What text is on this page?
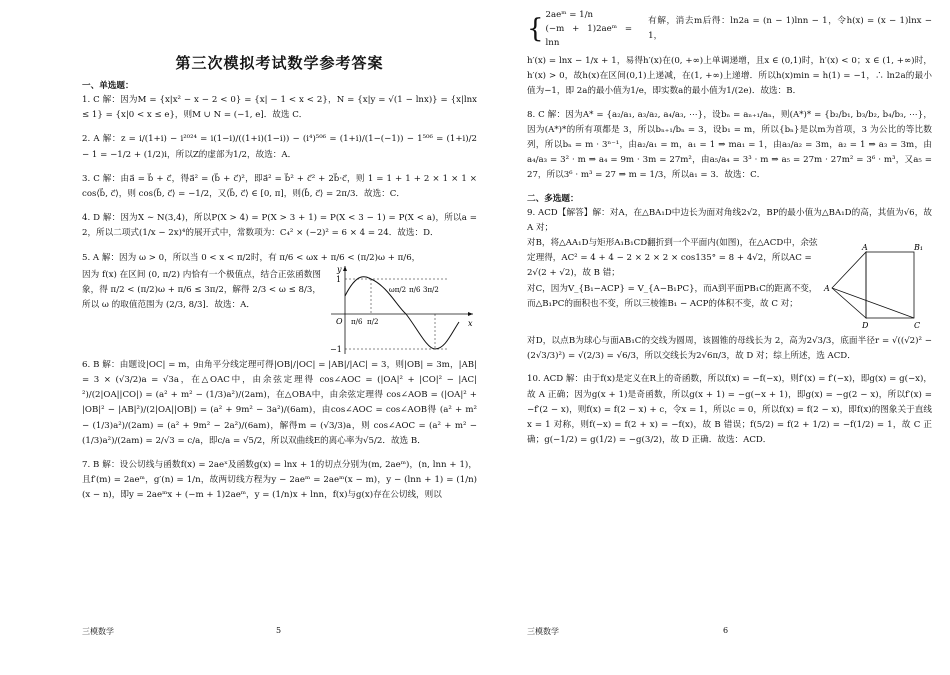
第三次模拟考试数学参考答案
一、单选题：
1. C 解：因为M = {x|x² − x − 2 < 0} = {x| − 1 < x < 2}，N = {x|y = √(1 − lnx)} = {x|lnx ≤ 1} = {x|0 < x ≤ e}，则M ∪ N = (−1, e]．故选 C．
2. A 解：z = i/(1+i) − i²⁰²⁴ = i(1−i)/((1+i)(1−i)) − (i⁴)⁵⁰⁶ = (1+i)/(1−(−1)) − 1⁵⁰⁶ = (1+i)/2 − 1 = −1/2 + (1/2)i，所以Z的虚部为1/2，故选：A．
3. C 解：由a⃗ = b⃗ + c⃗，得a⃗² = (b⃗ + c⃗)²，即a⃗² = b⃗² + c⃗² + 2b⃗·c⃗，则 1 = 1 + 1 + 2 × 1 × 1 × cos⟨b⃗, c⃗⟩，则 cos⟨b⃗, c⃗⟩ = −1/2，又⟨b⃗, c⃗⟩ ∈ [0, π]，则⟨b⃗, c⃗⟩ = 2π/3．故选：C．
4. D 解：因为X ∼ N(3,4)，所以P(X > 4) = P(X > 3 + 1) = P(X < 3 − 1) = P(X < a)，所以a = 2，所以二项式(1/x − 2x)⁴的展开式中，常数项为：C₄² × (−2)² = 6 × 4 = 24．故选：D．
5. A 解：因为 ω > 0，所以当 0 < x < π/2时，有 π/6 < ωx + π/6 < (π/2)ω + π/6，
因为 f(x) 在区间 (0, π/2) 内恰有一个极值点，结合正弦函数图象，得 π/2 < (π/2)ω + π/6 ≤ 3π/2，解得 2/3 < ω ≤ 8/3，所以 ω 的取值范围为 (2/3, 8/3]．故选：A．
y
x
O
1
−1
π/6 π/2
ωπ/2 π/6 3π/2
6. B 解：由题设|OC| = m，由角平分线定理可得|OB|/|OC| = |AB|/|AC| = 3，则|OB| = 3m，|AB| = 3 × (√3/2)a = √3a，在△OAC中，由余弦定理得 cos∠AOC = (|OA|² + |CO|² − |AC|²)/(2|OA||CO|) = (a² + m² − (1/3)a²)/(2am)，在△OBA中，由余弦定理得 cos∠AOB = (|OA|² + |OB|² − |AB|²)/(2|OA||OB|) = (a² + 9m² − 3a²)/(6am)，由cos∠AOC = cos∠AOB得 (a² + m² − (1/3)a²)/(2am) = (a² + 9m² − 2a²)/(6am)，解得m = (√3/3)a，则 cos∠AOC = (a² + m² − (1/3)a²)/(2am) = 2/√3 = c/a，即c/a = √5/2，所以双曲线E的离心率为√5/2．故选 B．
7. B 解：设公切线与函数f(x) = 2aeˣ及函数g(x) = lnx + 1的切点分别为(m, 2aeᵐ)，(n, lnn + 1)，且f′(m) = 2aeᵐ，g′(n) = 1/n，故两切线方程为y − 2aeᵐ = 2aeᵐ(x − m)，y − (lnn + 1) = (1/n)(x − n)，即y = 2aeᵐx + (−m + 1)2aeᵐ，y = (1/n)x + lnn，f(x)与g(x)存在公切线，则以
三模数学	5
{ 2aeᵐ = 1/n
(−m + 1)2aeᵐ = lnn
有解，消去m后得：ln2a = (n − 1)lnn − 1，令h(x) = (x − 1)lnx − 1，
h′(x) = lnx − 1/x + 1，易得h′(x)在(0, +∞)上单调递增，且x ∈ (0,1)时，h′(x) < 0；x ∈ (1, +∞)时，h′(x) > 0，故h(x)在区间(0,1)上递减，在(1, +∞)上递增．所以h(x)min = h(1) = −1，∴ ln2a的最小值为−1，即 2a的最小值为1/e，即实数a的最小值为1/(2e)．故选：B．
8. C 解：因为A* = {a₂/a₁, a₃/a₂, a₄/a₃, ⋯}，设bₙ = aₙ₊₁/aₙ，则(A*)* = {b₂/b₁, b₃/b₂, b₄/b₃, ⋯}，因为(A*)*的所有项都是 3，所以bₙ₊₁/bₙ = 3，设b₁ = m，所以{bₙ}是以m为首项，3 为公比的等比数列，所以bₙ = m · 3ⁿ⁻¹，由a₂/a₁ = m，a₁ = 1 ⇒ ma₁ = 1，由a₃/a₂ = 3m，a₂ = 1 ⇒ a₃ = 3m，由a₄/a₃ = 3² · m ⇒ a₄ = 9m · 3m = 27m²，由a₅/a₄ = 3³ · m ⇒ a₅ = 27m · 27m² = 3⁶ · m³，又a₅ = 27，所以3⁶ · m³ = 27 ⇒ m = 1/3，所以a₁ = 3．故选：C．
二、多选题：
9. ACD【解答】解：对A，在△BA₁D中边长为面对角线2√2，BP的最小值为△BA₁D的高，其值为√6，故 A 对；
对B，将△AA₁D与矩形A₁B₁CD翻折到一个平面内(如图)，在△ACD中，余弦定理得，AC² = 4 + 4 − 2 × 2 × 2 × cos135° = 8 + 4√2，所以AC = 2√(2 + √2)，故 B 错；
对C，因为V_{B₁−ACP} = V_{A−B₁PC}，而A到平面PB₁C的距离不变，而△B₁PC的面积也不变，所以三棱锥B₁ − ACP的体积不变，故 C 对；
A
A	B₁
D	C
对D，以点B为球心与面AB₁C的交线为圆周，该圆锥的母线长为 2，高为2√3/3，底面半径r = √((√2)² − (2√3/3)²) = √(2/3) = √6/3，所以交线长为2√6π/3，故 D 对；综上所述，选 ACD．
10. ACD 解：由于f(x)是定义在R上的奇函数，所以f(x) = −f(−x)，则f′(x) = f′(−x)，即g(x) = g(−x)，故 A 正确；因为g(x + 1)是奇函数，所以g(x + 1) = −g(−x + 1)，即g(x) = −g(2 − x)，所以f′(x) = −f′(2 − x)，则f(x) = f(2 − x) + c，令x = 1，所以c = 0，所以f(x) = f(2 − x)，即f(x)的图象关于直线x = 1 对称，则f(−x) = f(2 + x) = −f(x)，故 B 错误；f(5/2) = f(2 + 1/2) = −f(1/2) = 1，故 C 正确；g(−1/2) = g(1/2) = −g(3/2)，故 D 正确．故选：ACD．
三模数学	6
